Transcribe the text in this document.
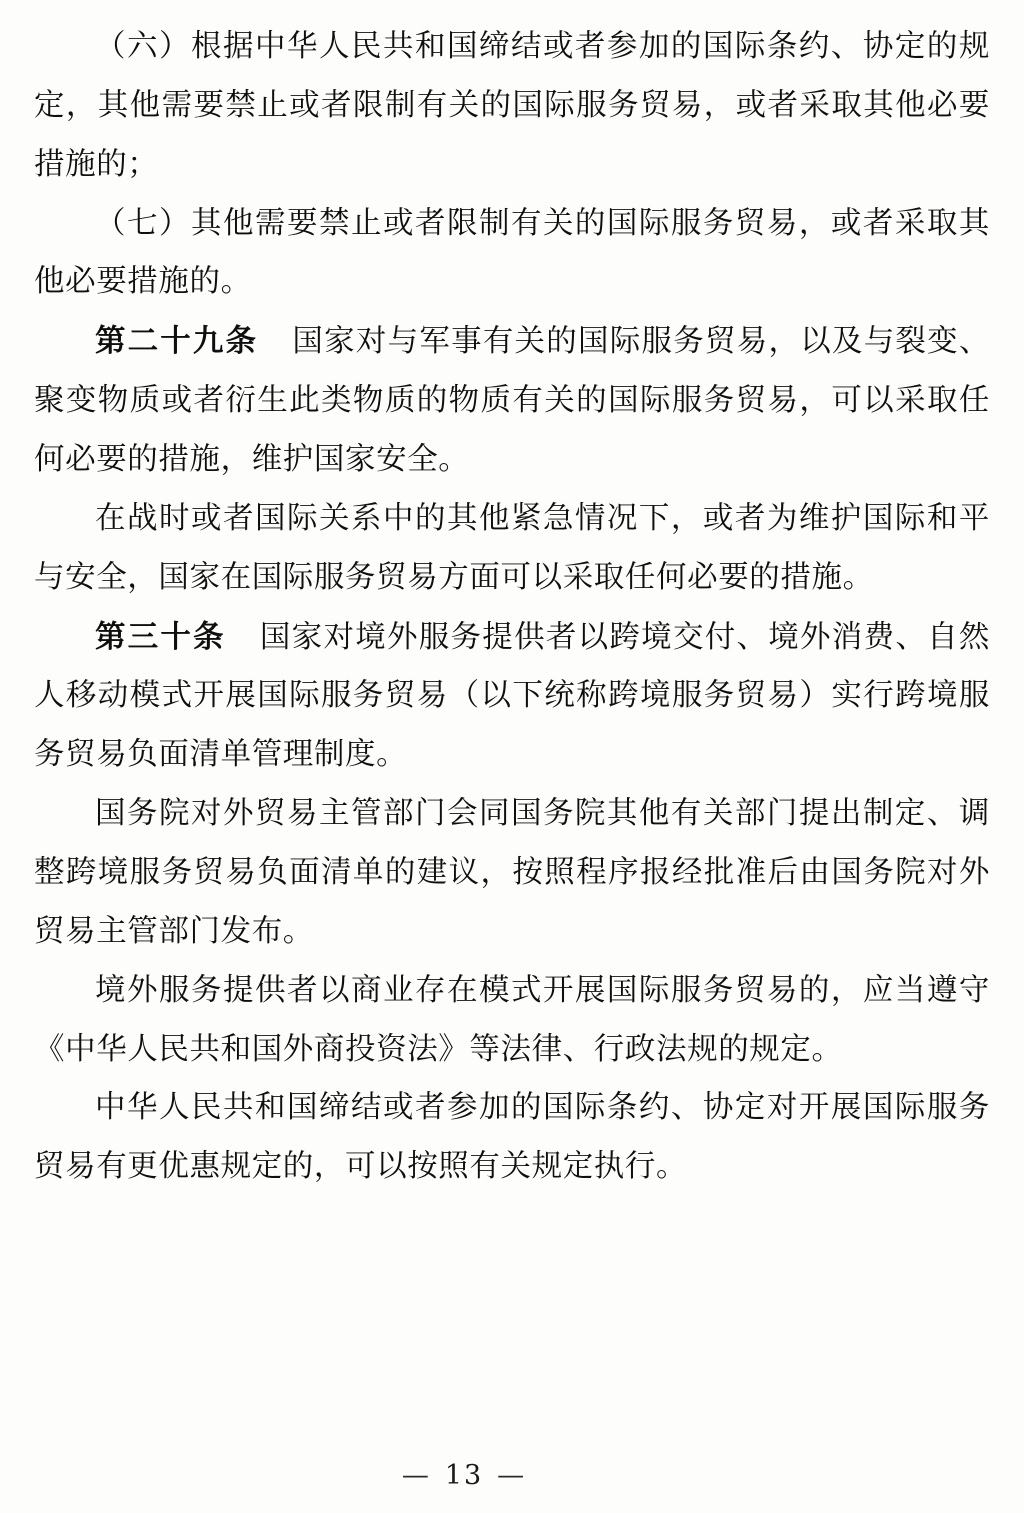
（六）根据中华人民共和国缔结或者参加的国际条约、协定的规定，其他需要禁止或者限制有关的国际服务贸易，或者采取其他必要措施的；

（七）其他需要禁止或者限制有关的国际服务贸易，或者采取其他必要措施的。

第二十九条 国家对与军事有关的国际服务贸易，以及与裂变、聚变物质或者衍生此类物质的物质有关的国际服务贸易，可以采取任何必要的措施，维护国家安全。

在战时或者国际关系中的其他紧急情况下，或者为维护国际和平与安全，国家在国际服务贸易方面可以采取任何必要的措施。

第三十条 国家对境外服务提供者以跨境交付、境外消费、自然人移动模式开展国际服务贸易（以下统称跨境服务贸易）实行跨境服务贸易负面清单管理制度。

国务院对外贸易主管部门会同国务院其他有关部门提出制定、调整跨境服务贸易负面清单的建议，按照程序报经批准后由国务院对外贸易主管部门发布。

境外服务提供者以商业存在模式开展国际服务贸易的，应当遵守《中华人民共和国外商投资法》等法律、行政法规的规定。

中华人民共和国缔结或者参加的国际条约、协定对开展国际服务贸易有更优惠规定的，可以按照有关规定执行。

— 13 —
